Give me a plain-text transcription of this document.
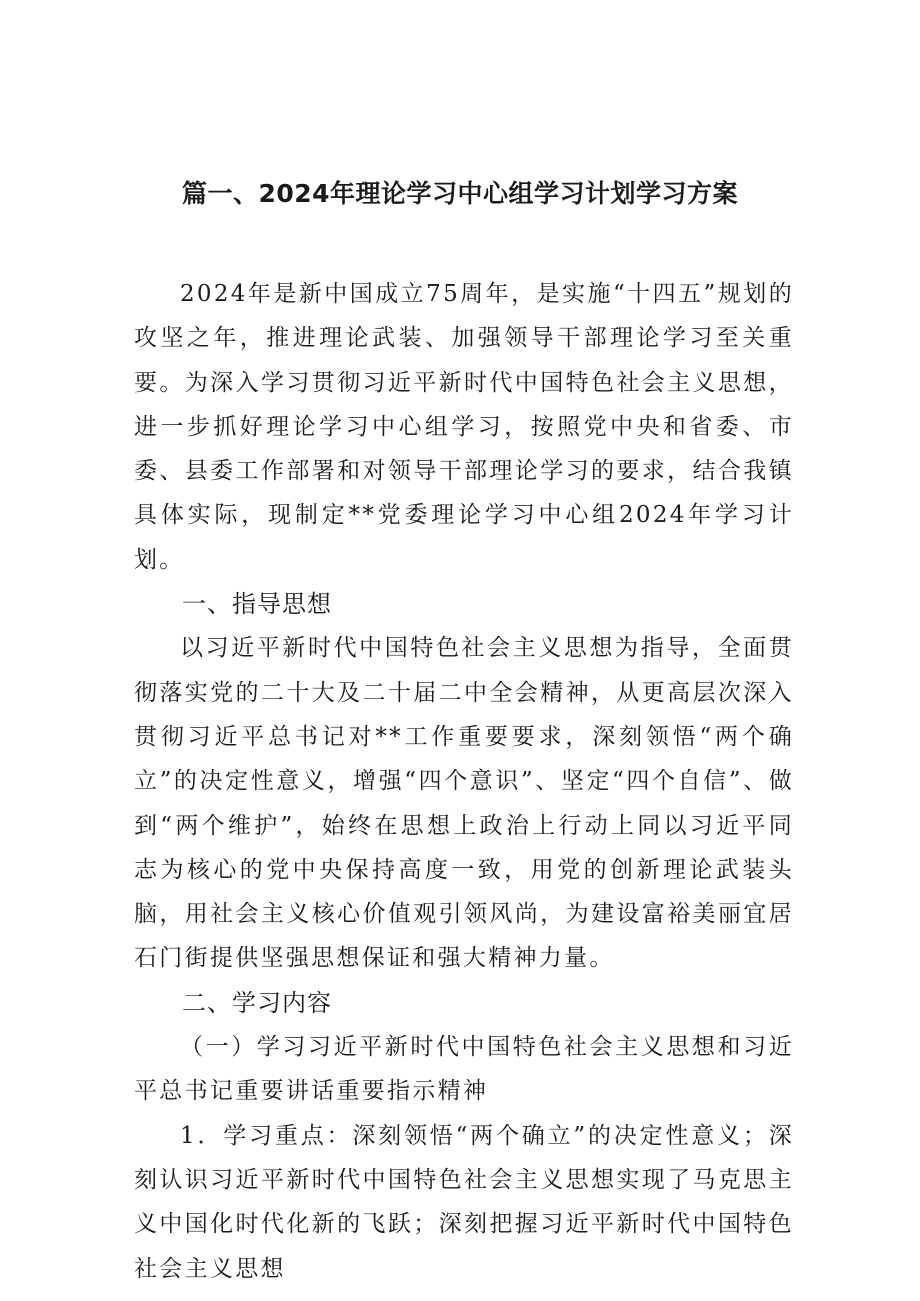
篇一、2024年理论学习中心组学习计划学习方案

2024年是新中国成立75周年，是实施“十四五”规划的攻坚之年，推进理论武装、加强领导干部理论学习至关重要。为深入学习贯彻习近平新时代中国特色社会主义思想，进一步抓好理论学习中心组学习，按照党中央和省委、市委、县委工作部署和对领导干部理论学习的要求，结合我镇具体实际，现制定**党委理论学习中心组2024年学习计划。

一、指导思想

以习近平新时代中国特色社会主义思想为指导，全面贯彻落实党的二十大及二十届二中全会精神，从更高层次深入贯彻习近平总书记对**工作重要要求，深刻领悟“两个确立”的决定性意义，增强“四个意识”、坚定“四个自信”、做到“两个维护”，始终在思想上政治上行动上同以习近平同志为核心的党中央保持高度一致，用党的创新理论武装头脑，用社会主义核心价值观引领风尚，为建设富裕美丽宜居石门街提供坚强思想保证和强大精神力量。

二、学习内容

（一）学习习近平新时代中国特色社会主义思想和习近平总书记重要讲话重要指示精神

1．学习重点：深刻领悟“两个确立”的决定性意义；深刻认识习近平新时代中国特色社会主义思想实现了马克思主义中国化时代化新的飞跃；深刻把握习近平新时代中国特色社会主义思想
